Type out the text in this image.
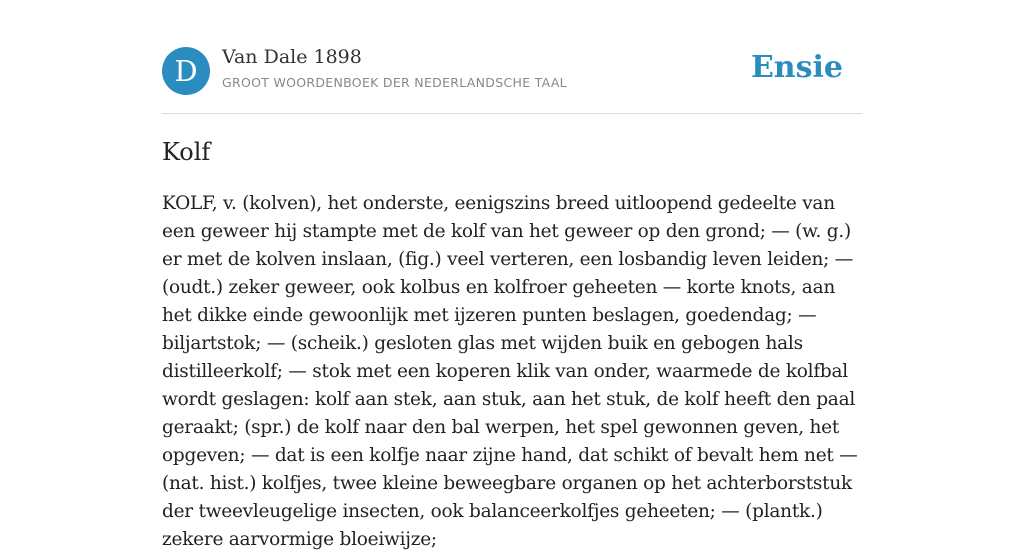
D	Van Dale 1898
GROOT WOORDENBOEK DER NEDERLANDSCHE TAAL	Ensie
Kolf

KOLF, v. (kolven), het onderste, eenigszins breed uitloopend gedeelte van een geweer hij stampte met de kolf van het geweer op den grond; — (w. g.) er met de kolven inslaan, (fig.) veel verteren, een losbandig leven leiden; — (oudt.) zeker geweer, ook kolbus en kolfroer geheeten — korte knots, aan het dikke einde gewoonlijk met ijzeren punten beslagen, goedendag; — biljartstok; — (scheik.) gesloten glas met wijden buik en gebogen hals distilleerkolf; — stok met een koperen klik van onder, waarmede de kolfbal wordt geslagen: kolf aan stek, aan stuk, aan het stuk, de kolf heeft den paal geraakt; (spr.) de kolf naar den bal werpen, het spel gewonnen geven, het opgeven; — dat is een kolfje naar zijne hand, dat schikt of bevalt hem net — (nat. hist.) kolfjes, twee kleine beweegbare organen op het achterborststuk der tweevleugelige insecten, ook balanceerkolfjes geheeten; — (plantk.) zekere aarvormige bloeiwijze;
